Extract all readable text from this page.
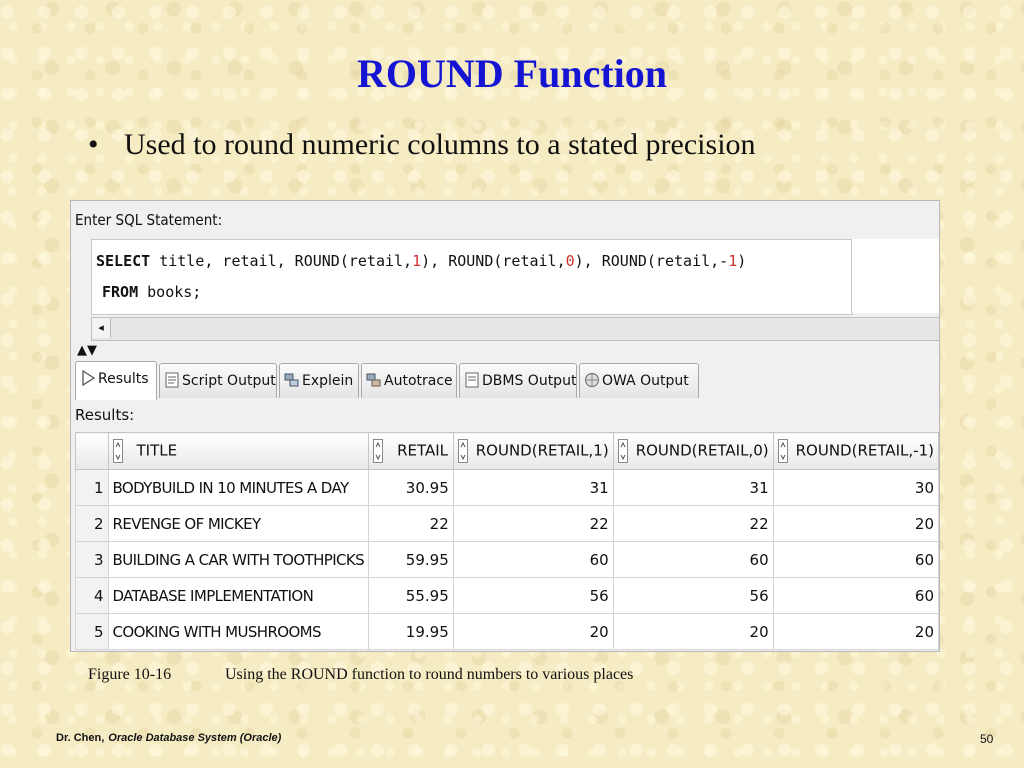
ROUND Function
• Used to round numeric columns to a stated precision
Enter SQL Statement:
SELECT title, retail, ROUND(retail,1), ROUND(retail,0), ROUND(retail,-1)
FROM books;
◂
▲▼
Results	Script Output	Explein	Autotrace	DBMS Output	OWA Output
Results:
	TITLE	RETAIL	ROUND(RETAIL,1)	ROUND(RETAIL,0)	ROUND(RETAIL,-1)
1	BODYBUILD IN 10 MINUTES A DAY	30.95	31	31	30
2	REVENGE OF MICKEY	22	22	22	20
3	BUILDING A CAR WITH TOOTHPICKS	59.95	60	60	60
4	DATABASE IMPLEMENTATION	55.95	56	56	60
5	COOKING WITH MUSHROOMS	19.95	20	20	20
Figure 10-16	Using the ROUND function to round numbers to various places
Dr. Chen, Oracle Database System (Oracle)	50
